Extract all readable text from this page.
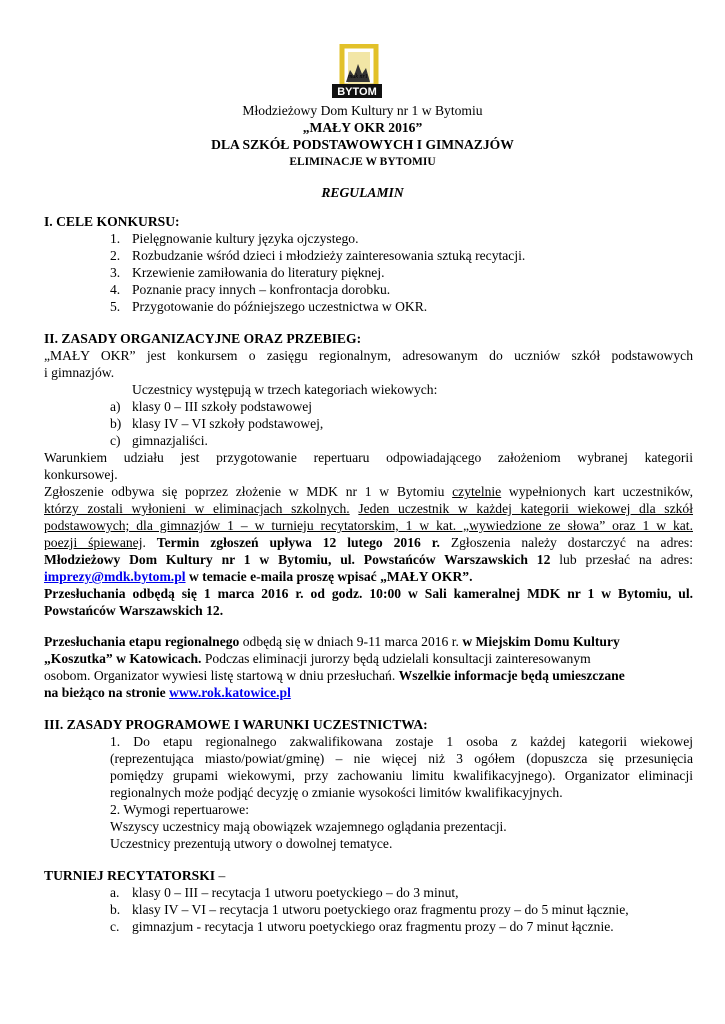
mdk nr1
BYTOM
Młodzieżowy Dom Kultury nr 1 w Bytomiu
„MAŁY OKR 2016”
DLA SZKÓŁ PODSTAWOWYCH I GIMNAZJÓW
ELIMINACJE W BYTOMIU
REGULAMIN
I. CELE KONKURSU:
1. Pielęgnowanie kultury języka ojczystego.
2. Rozbudzanie wśród dzieci i młodzieży zainteresowania sztuką recytacji.
3. Krzewienie zamiłowania do literatury pięknej.
4. Poznanie pracy innych – konfrontacja dorobku.
5. Przygotowanie do późniejszego uczestnictwa w OKR.
II. ZASADY ORGANIZACYJNE ORAZ PRZEBIEG:
„MAŁY OKR” jest konkursem o zasięgu regionalnym, adresowanym do uczniów szkół podstawowych
i gimnazjów.
Uczestnicy występują w trzech kategoriach wiekowych:
a) klasy 0 – III szkoły podstawowej
b) klasy IV – VI szkoły podstawowej,
c) gimnazjaliści.
Warunkiem udziału jest przygotowanie repertuaru odpowiadającego założeniom wybranej kategorii
konkursowej.
Zgłoszenie odbywa się poprzez złożenie w MDK nr 1 w Bytomiu czytelnie wypełnionych kart uczestników,
którzy zostali wyłonieni w eliminacjach szkolnych. Jeden uczestnik w każdej kategorii wiekowej dla szkół
podstawowych; dla gimnazjów 1 – w turnieju recytatorskim, 1 w kat. „wywiedzione ze słowa” oraz 1 w kat.
poezji śpiewanej. Termin zgłoszeń upływa 12 lutego 2016 r. Zgłoszenia należy dostarczyć na adres:
Młodzieżowy Dom Kultury nr 1 w Bytomiu, ul. Powstańców Warszawskich 12 lub przesłać na adres:
imprezy@mdk.bytom.pl w temacie e-maila proszę wpisać „MAŁY OKR”.
Przesłuchania odbędą się 1 marca 2016 r. od godz. 10:00 w Sali kameralnej MDK nr 1 w Bytomiu, ul.
Powstańców Warszawskich 12.
Przesłuchania etapu regionalnego odbędą się w dniach 9-11 marca 2016 r. w Miejskim Domu Kultury
„Koszutka” w Katowicach. Podczas eliminacji jurorzy będą udzielali konsultacji zainteresowanym
osobom. Organizator wywiesi listę startową w dniu przesłuchań. Wszelkie informacje będą umieszczane
na bieżąco na stronie www.rok.katowice.pl
III. ZASADY PROGRAMOWE I WARUNKI UCZESTNICTWA:
1. Do etapu regionalnego zakwalifikowana zostaje 1 osoba z każdej kategorii wiekowej
(reprezentująca miasto/powiat/gminę) – nie więcej niż 3 ogółem (dopuszcza się przesunięcia
pomiędzy grupami wiekowymi, przy zachowaniu limitu kwalifikacyjnego). Organizator eliminacji
regionalnych może podjąć decyzję o zmianie wysokości limitów kwalifikacyjnych.
2. Wymogi repertuarowe:
Wszyscy uczestnicy mają obowiązek wzajemnego oglądania prezentacji.
Uczestnicy prezentują utwory o dowolnej tematyce.
TURNIEJ RECYTATORSKI –
a. klasy 0 – III – recytacja 1 utworu poetyckiego – do 3 minut,
b. klasy IV – VI – recytacja 1 utworu poetyckiego oraz fragmentu prozy – do 5 minut łącznie,
c. gimnazjum - recytacja 1 utworu poetyckiego oraz fragmentu prozy – do 7 minut łącznie.
